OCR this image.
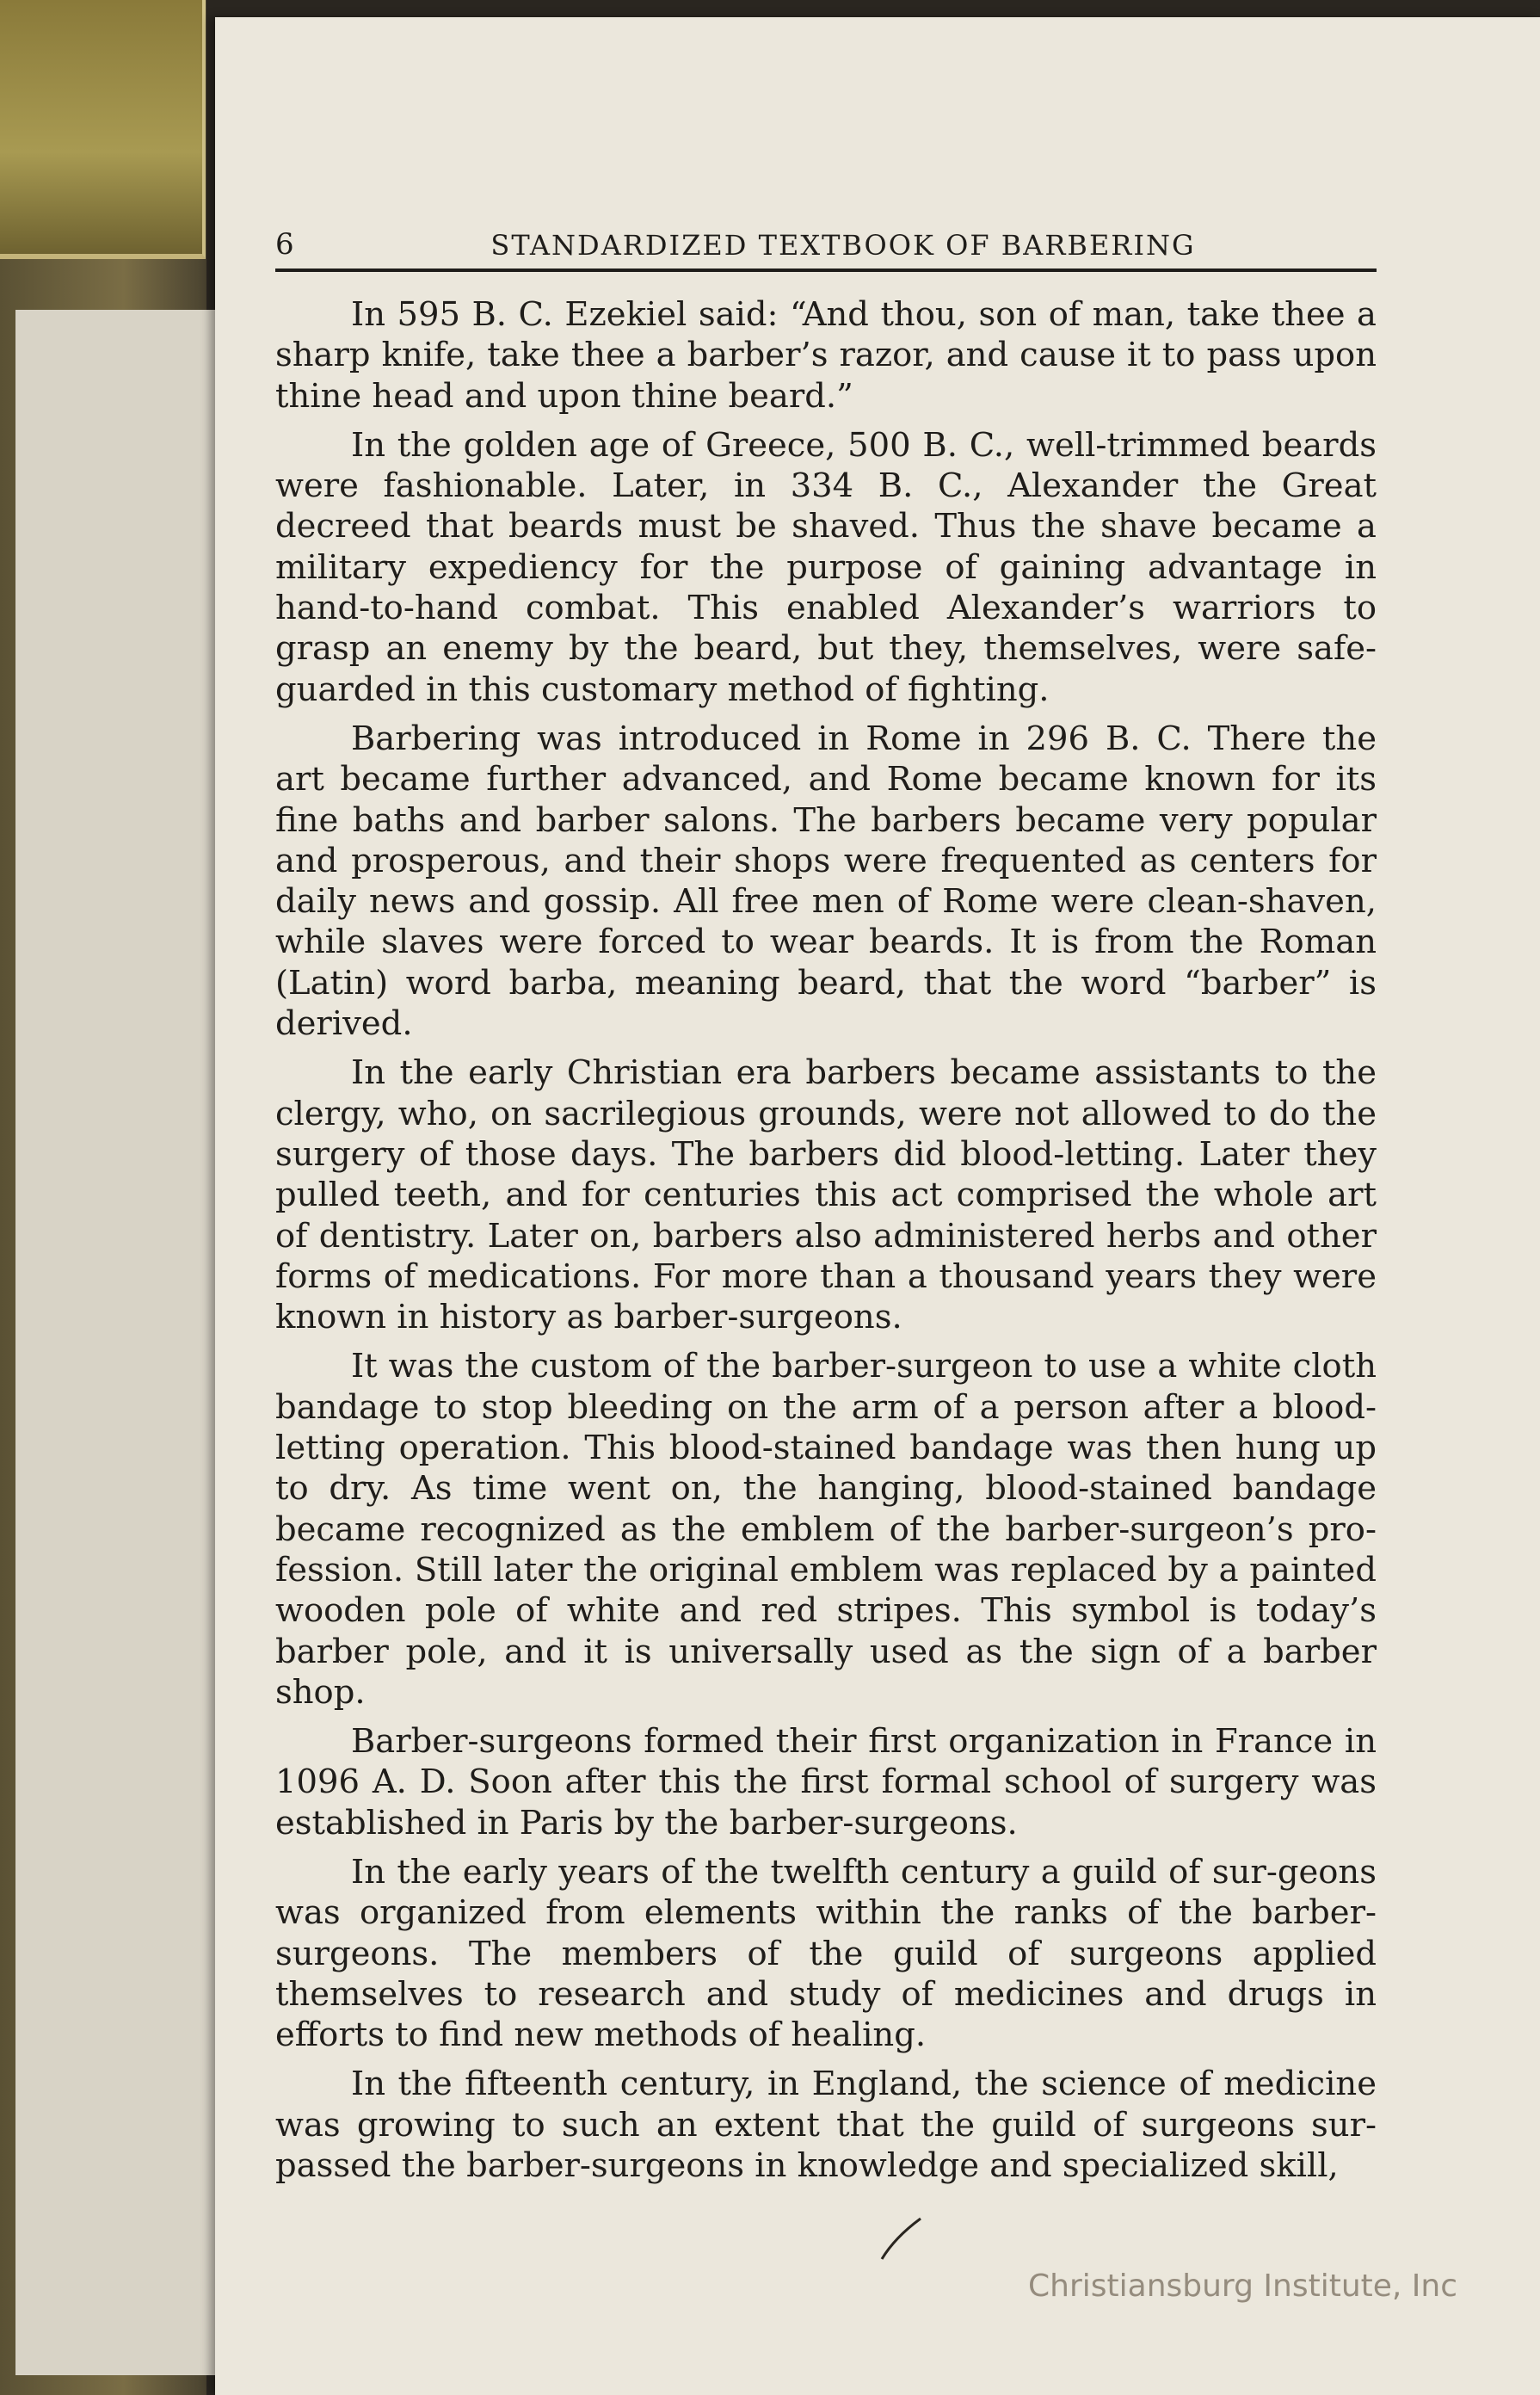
6	STANDARDIZED TEXTBOOK OF BARBERING

In 595 B. C. Ezekiel said: “And thou, son of man, take thee a sharp knife, take thee a barber’s razor, and cause it to pass upon thine head and upon thine beard.”

In the golden age of Greece, 500 B. C., well-trimmed beards were fashionable. Later, in 334 B. C., Alexander the Great decreed that beards must be shaved. Thus the shave became a military expediency for the purpose of gaining advantage in hand-to-hand combat. This enabled Alexander’s warriors to grasp an enemy by the beard, but they, themselves, were safe-guarded in this customary method of fighting.

Barbering was introduced in Rome in 296 B. C. There the art became further advanced, and Rome became known for its fine baths and barber salons. The barbers became very popular and prosperous, and their shops were frequented as centers for daily news and gossip. All free men of Rome were clean-shaven, while slaves were forced to wear beards. It is from the Roman (Latin) word barba, meaning beard, that the word “barber” is derived.

In the early Christian era barbers became assistants to the clergy, who, on sacrilegious grounds, were not allowed to do the surgery of those days. The barbers did blood-letting. Later they pulled teeth, and for centuries this act comprised the whole art of dentistry. Later on, barbers also administered herbs and other forms of medications. For more than a thousand years they were known in history as barber-surgeons.

It was the custom of the barber-surgeon to use a white cloth bandage to stop bleeding on the arm of a person after a blood-letting operation. This blood-stained bandage was then hung up to dry. As time went on, the hanging, blood-stained bandage became recognized as the emblem of the barber-surgeon’s pro-fession. Still later the original emblem was replaced by a painted wooden pole of white and red stripes. This symbol is today’s barber pole, and it is universally used as the sign of a barber shop.

Barber-surgeons formed their first organization in France in 1096 A. D. Soon after this the first formal school of surgery was established in Paris by the barber-surgeons.

In the early years of the twelfth century a guild of sur-geons was organized from elements within the ranks of the barber-surgeons. The members of the guild of surgeons applied themselves to research and study of medicines and drugs in efforts to find new methods of healing.

In the fifteenth century, in England, the science of medicine was growing to such an extent that the guild of surgeons sur-passed the barber-surgeons in knowledge and specialized skill,

Christiansburg Institute, Inc
